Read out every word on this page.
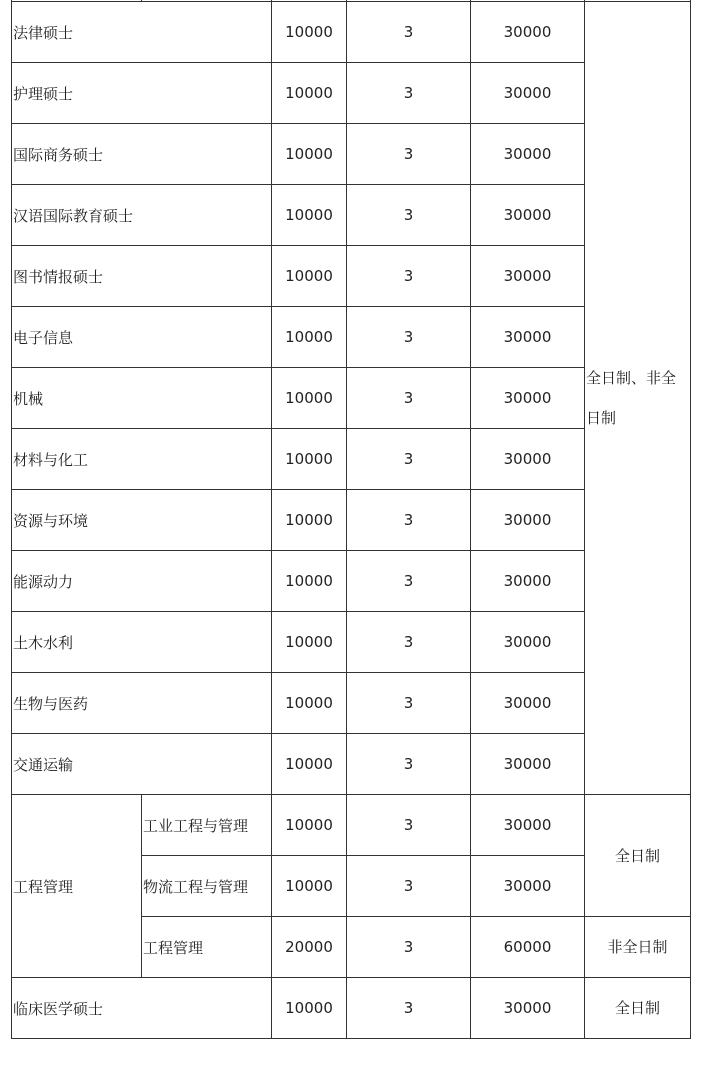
法律硕士		10000	3	30000	全日制、非全日制
护理硕士		10000	3	30000	
国际商务硕士		10000	3	30000	
汉语国际教育硕士		10000	3	30000	
图书情报硕士		10000	3	30000	
电子信息		10000	3	30000	
机械		10000	3	30000	
材料与化工		10000	3	30000	
资源与环境		10000	3	30000	
能源动力		10000	3	30000	
土木水利		10000	3	30000	
生物与医药		10000	3	30000	
交通运输		10000	3	30000	
工程管理	工业工程与管理	10000	3	30000	全日制
	物流工程与管理	10000	3	30000	
	工程管理	20000	3	60000	非全日制
临床医学硕士		10000	3	30000	全日制
